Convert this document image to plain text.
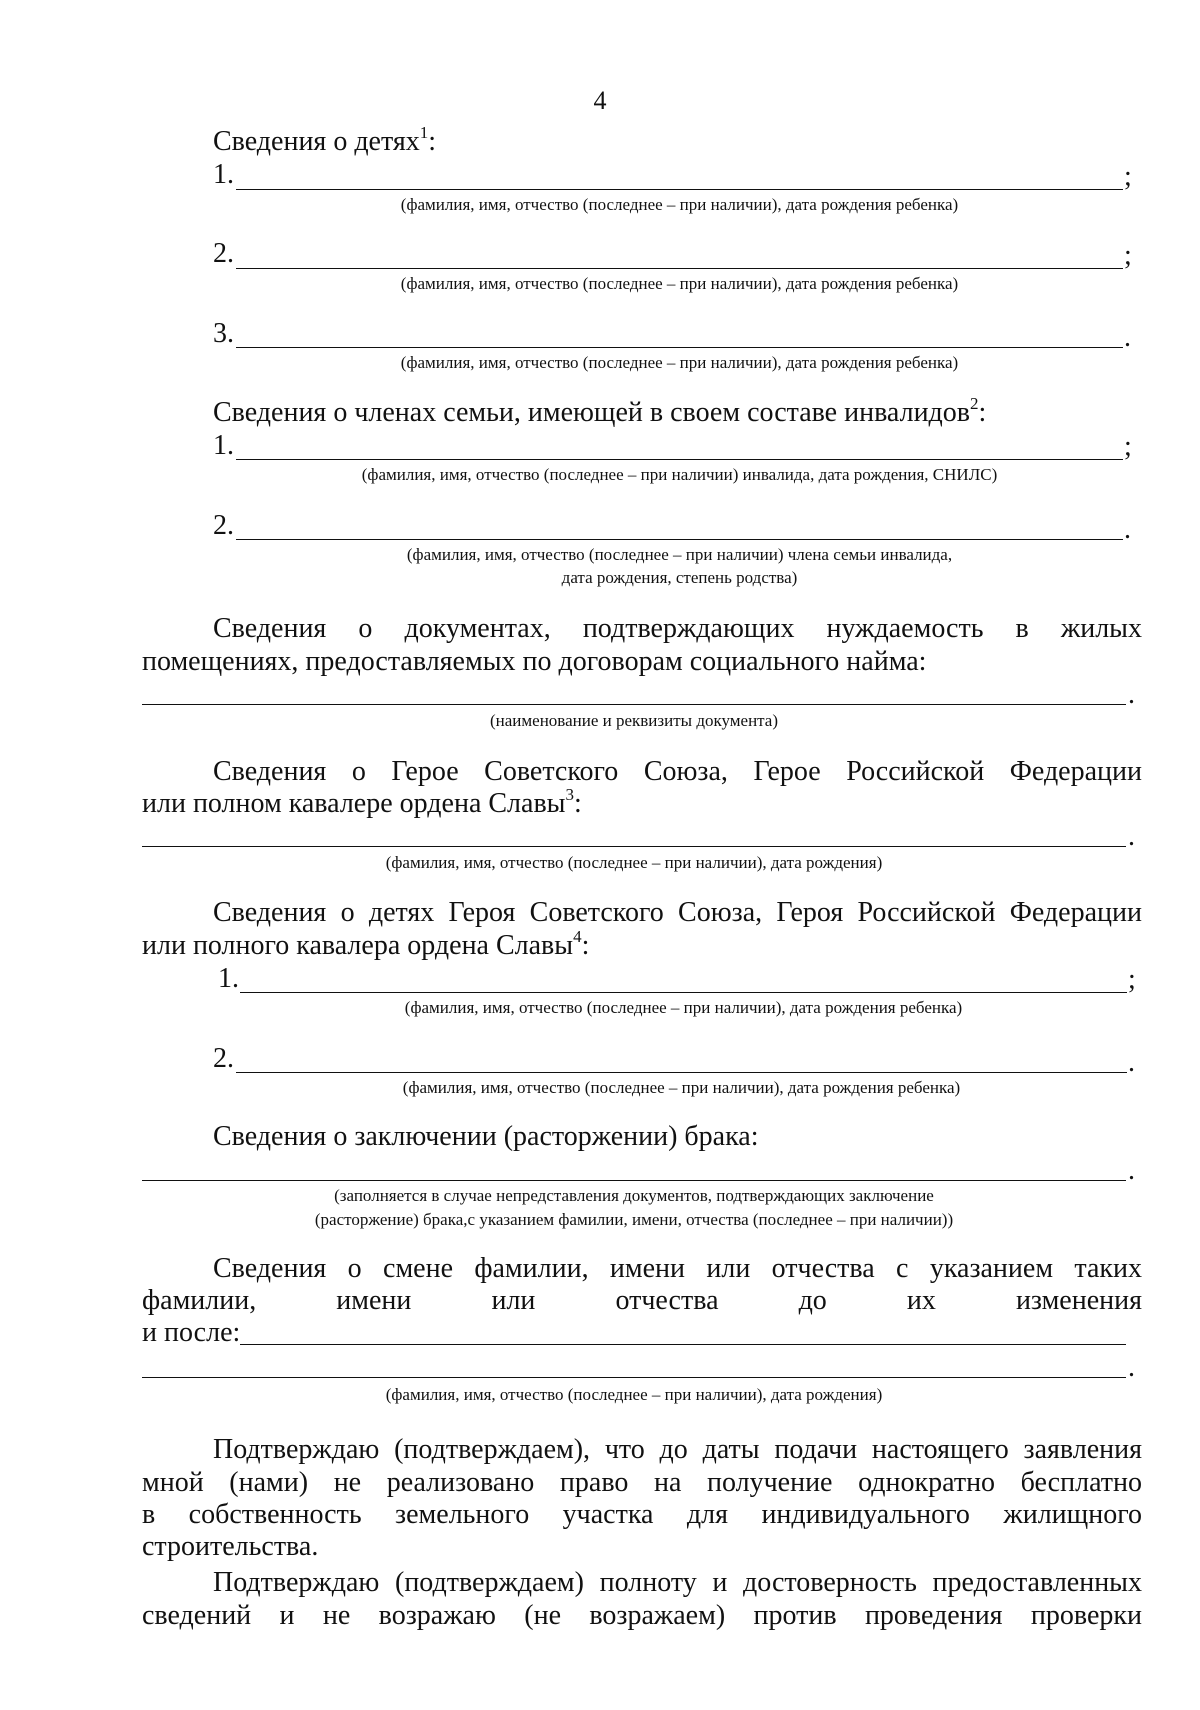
4
Сведения о детях$^1$:
1.	;
(фамилия, имя, отчество (последнее – при наличии), дата рождения ребенка)
2.	;
(фамилия, имя, отчество (последнее – при наличии), дата рождения ребенка)
3.	.
(фамилия, имя, отчество (последнее – при наличии), дата рождения ребенка)
Сведения о членах семьи, имеющей в своем составе инвалидов$^2$:
1.	;
(фамилия, имя, отчество (последнее – при наличии) инвалида, дата рождения, СНИЛС)
2.	.
(фамилия, имя, отчество (последнее – при наличии) члена семьи инвалида,
дата рождения, степень родства)
Сведения о документах, подтверждающих нуждаемость в жилых
помещениях, предоставляемых по договорам социального найма:
.
(наименование и реквизиты документа)
Сведения о Герое Советского Союза, Герое Российской Федерации
или полном кавалере ордена Славы$^3$:
.
(фамилия, имя, отчество (последнее – при наличии), дата рождения)
Сведения о детях Героя Советского Союза, Героя Российской Федерации
или полного кавалера ордена Славы$^4$:
1.	;
(фамилия, имя, отчество (последнее – при наличии), дата рождения ребенка)
2.	.
(фамилия, имя, отчество (последнее – при наличии), дата рождения ребенка)
Сведения о заключении (расторжении) брака:
.
(заполняется в случае непредставления документов, подтверждающих заключение
(расторжение) брака,с указанием фамилии, имени, отчества (последнее – при наличии))
Сведения о смене фамилии, имени или отчества с указанием таких
фамилии, имени или отчества до их изменения
и после:
.
(фамилия, имя, отчество (последнее – при наличии), дата рождения)
Подтверждаю (подтверждаем), что до даты подачи настоящего заявления
мной (нами) не реализовано право на получение однократно бесплатно
в собственность земельного участка для индивидуального жилищного
строительства.
Подтверждаю (подтверждаем) полноту и достоверность предоставленных
сведений и не возражаю (не возражаем) против проведения проверки
